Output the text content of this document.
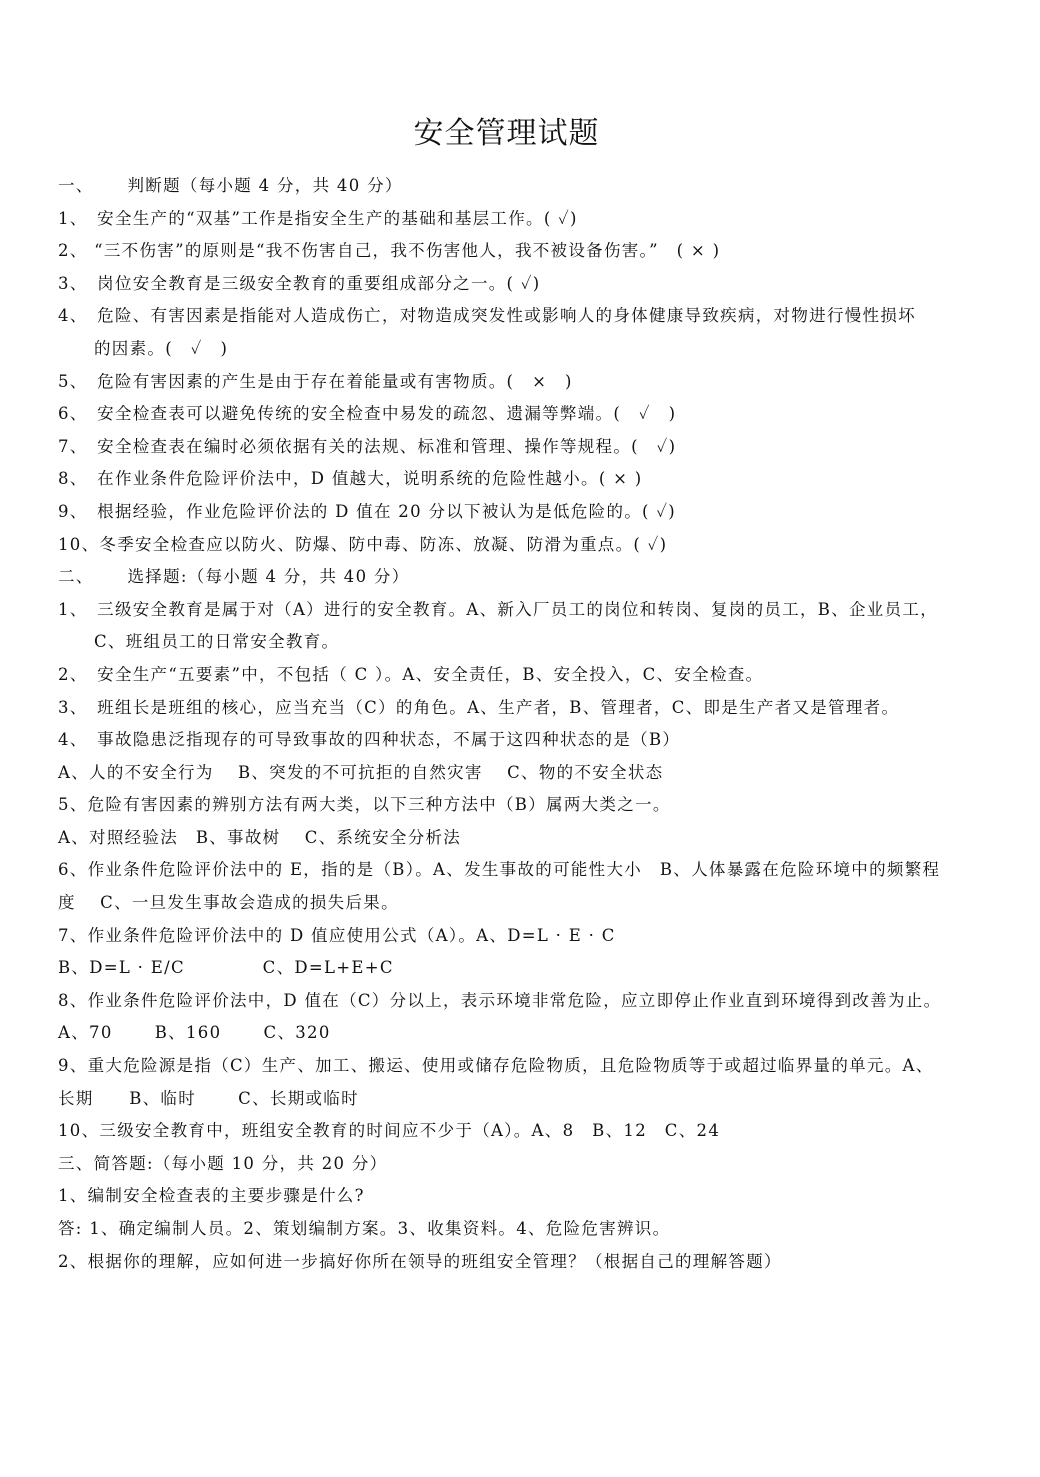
安全管理试题
一、　　 判断题（每小题 4 分，共 40 分）
1、　安全生产的“双基”工作是指安全生产的基础和基层工作。( ✓)
2、 “三不伤害”的原则是“我不伤害自己，我不伤害他人，我不被设备伤害。”　( × )
3、　岗位安全教育是三级安全教育的重要组成部分之一。( ✓)
4、　危险、有害因素是指能对人造成伤亡，对物造成突发性或影响人的身体健康导致疾病，对物进行慢性损坏
的因素。(　✓　)
5、　危险有害因素的产生是由于存在着能量或有害物质。(　×　)
6、　安全检查表可以避免传统的安全检查中易发的疏忽、遗漏等弊端。(　✓　)
7、　安全检查表在编时必须依据有关的法规、标准和管理、操作等规程。(　✓)
8、　在作业条件危险评价法中，D 值越大，说明系统的危险性越小。( × )
9、　根据经验，作业危险评价法的 D 值在 20 分以下被认为是低危险的。( ✓)
10、冬季安全检查应以防火、防爆、防中毒、防冻、放凝、防滑为重点。( ✓)
二、　　 选择题:（每小题 4 分，共 40 分）
1、　三级安全教育是属于对（A）进行的安全教育。A、新入厂员工的岗位和转岗、复岗的员工，B、企业员工，
C、班组员工的日常安全教育。
2、　安全生产“五要素”中，不包括（ C ）。A、安全责任，B、安全投入，C、安全检查。
3、　班组长是班组的核心，应当充当（C）的角色。A、生产者，B、管理者，C、即是生产者又是管理者。
4、　事故隐患泛指现存的可导致事故的四种状态，不属于这四种状态的是（B）
A、人的不安全行为　 B、突发的不可抗拒的自然灾害　 C、物的不安全状态
5、危险有害因素的辨别方法有两大类，以下三种方法中（B）属两大类之一。
A、对照经验法　B、事故树　 C、系统安全分析法
6、作业条件危险评价法中的 E，指的是（B）。A、发生事故的可能性大小　B、人体暴露在危险环境中的频繁程
度　 C、一旦发生事故会造成的损失后果。
7、作业条件危险评价法中的 D 值应使用公式（A）。A、D=L · E · C
B、D=L · E/C　　　　 C、D=L+E+C
8、作业条件危险评价法中，D 值在（C）分以上，表示环境非常危险，应立即停止作业直到环境得到改善为止。
A、70　　 B、160　　 C、320
9、重大危险源是指（C）生产、加工、搬运、使用或储存危险物质，且危险物质等于或超过临界量的单元。A、
长期　　B、临时　　 C、长期或临时
10、三级安全教育中，班组安全教育的时间应不少于（A）。A、8　B、12　C、24
三、简答题:（每小题 10 分，共 20 分）
1、编制安全检查表的主要步骤是什么?
答: 1、确定编制人员。2、策划编制方案。3、收集资料。4、危险危害辨识。
2、根据你的理解，应如何进一步搞好你所在领导的班组安全管理？（根据自己的理解答题）
